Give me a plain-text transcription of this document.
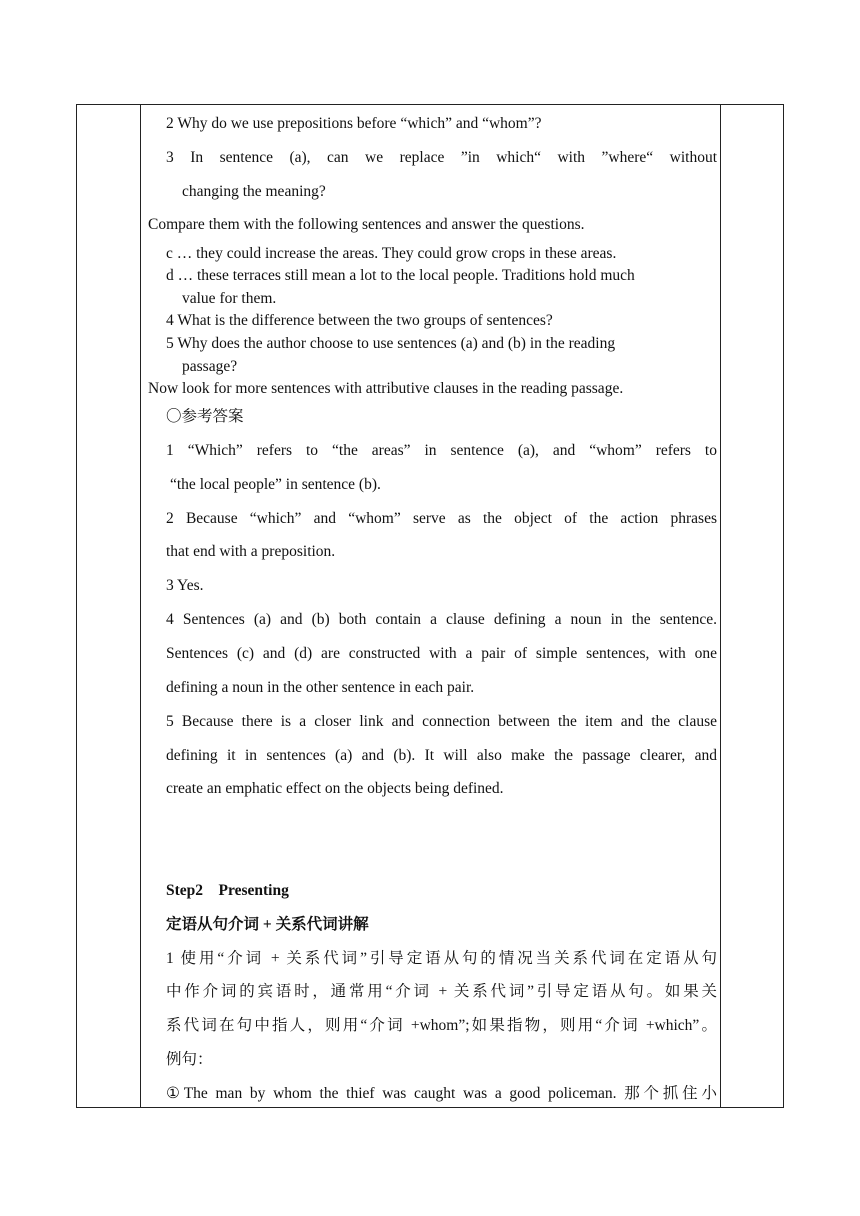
2 Why do we use prepositions before “which” and “whom”?
3 In sentence (a), can we replace ”in which“ with ”where“ without
changing the meaning?
Compare them with the following sentences and answer the questions.
c … they could increase the areas. They could grow crops in these areas.
d … these terraces still mean a lot to the local people. Traditions hold much
value for them.
4 What is the difference between the two groups of sentences?
5 Why does the author choose to use sentences (a) and (b) in the reading
passage?
Now look for more sentences with attributive clauses in the reading passage.
〇参考答案
1 “Which” refers to “the areas” in sentence (a), and “whom” refers to
“the local people” in sentence (b).
2 Because “which” and “whom” serve as the object of the action phrases
that end with a preposition.
3 Yes.
4 Sentences (a) and (b) both contain a clause defining a noun in the sentence.
Sentences (c) and (d) are constructed with a pair of simple sentences, with one
defining a noun in the other sentence in each pair.
5 Because there is a closer link and connection between the item and the clause
defining it in sentences (a) and (b). It will also make the passage clearer, and
create an emphatic effect on the objects being defined.
Step2 Presenting
定语从句介词 + 关系代词讲解
1 使用“介词 + 关系代词”引导定语从句的情况当关系代词在定语从句
中作介词的宾语时，通常用“介词 + 关系代词”引导定语从句。如果关
系代词在句中指人，则用“介词 +whom”;如果指物，则用“介词 +which”。
例句：
①The man by whom the thief was caught was a good policeman. 那个抓住小
